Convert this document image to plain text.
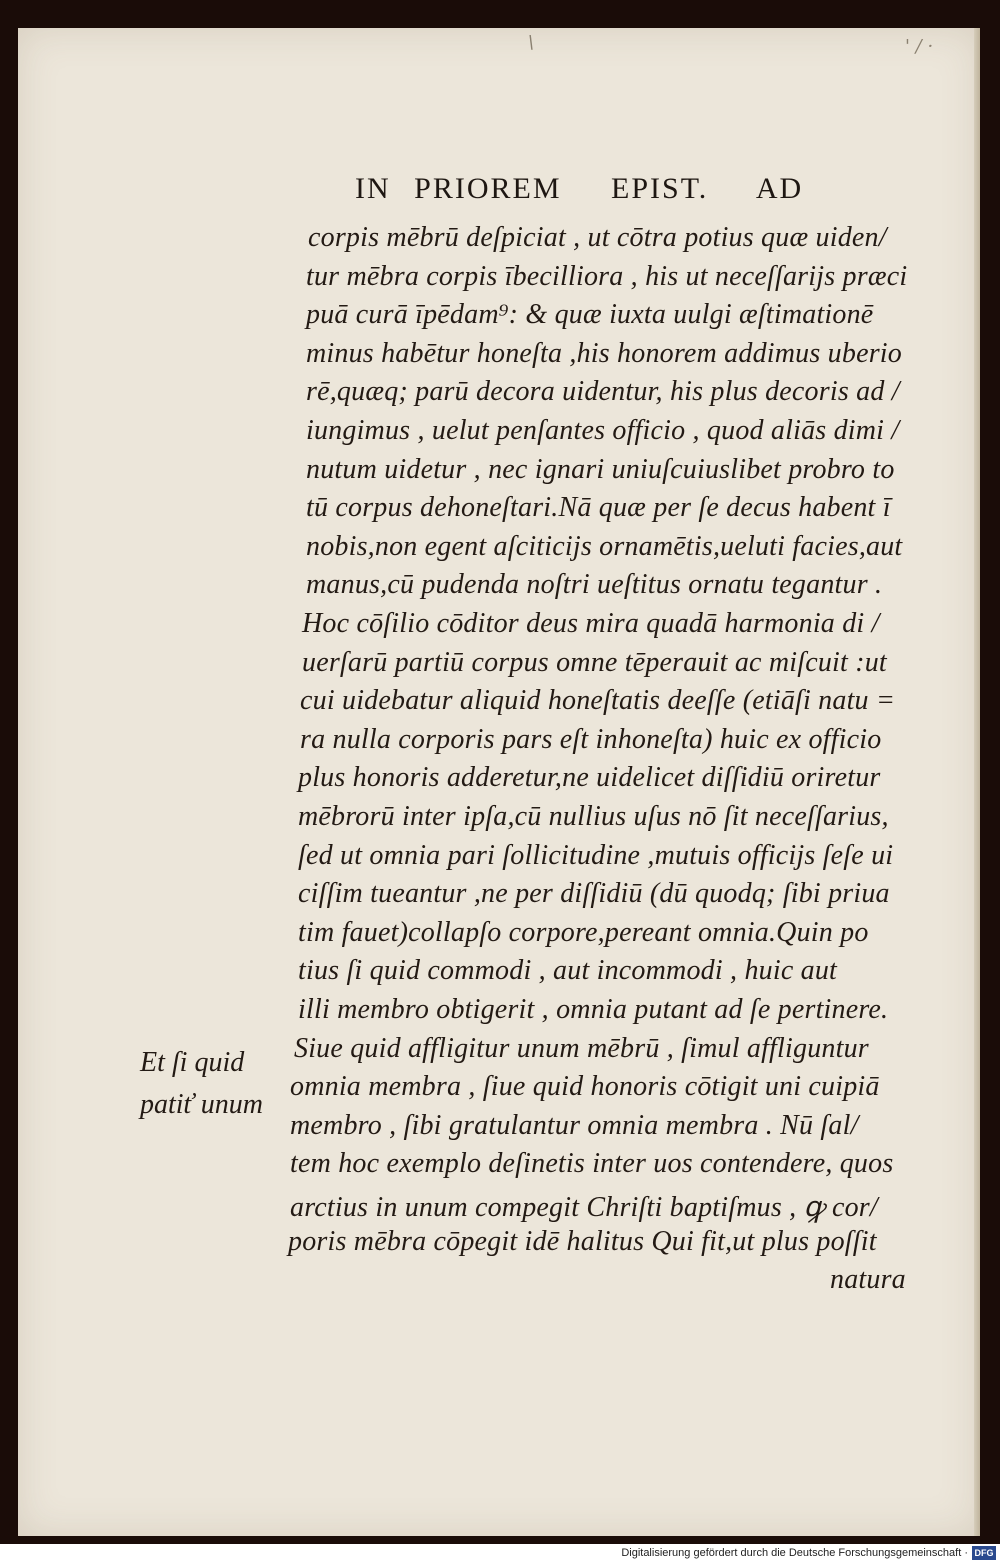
\	' / ·
IN PRIOREM EPIST. AD
corpis mēbrū deſpiciat , ut cōtra potius quæ uiden/
tur mēbra corpis ībecilliora , his ut neceſſarijs præci
puā curā īpēdam⁹: & quæ iuxta uulgi æſtimationē
minus habētur honeſta ,his honorem addimus uberio
rē,quæq; parū decora uidentur, his plus decoris ad /
iungimus , uelut penſantes officio , quod aliās dimi /
nutum uidetur , nec ignari uniuſcuiuslibet probro to
tū corpus dehoneſtari.Nā quæ per ſe decus habent ī
nobis,non egent aſciticijs ornamētis,ueluti facies,aut
manus,cū pudenda noſtri ueſtitus ornatu tegantur .
Hoc cōſilio cōditor deus mira quadā harmonia di /
uerſarū partiū corpus omne tēperauit ac miſcuit :ut
cui uidebatur aliquid honeſtatis deeſſe (etiāſi natu =
ra nulla corporis pars eſt inhoneſta) huic ex officio
plus honoris adderetur,ne uidelicet diſſidiū oriretur
mēbrorū inter ipſa,cū nullius uſus nō ſit neceſſarius,
ſed ut omnia pari ſollicitudine ,mutuis officijs ſeſe ui
ciſſim tueantur ,ne per diſſidiū (dū quodq; ſibi priua
tim fauet)collapſo corpore,pereant omnia.Quin po
tius ſi quid commodi , aut incommodi , huic aut
illi membro obtigerit , omnia putant ad ſe pertinere.
Siue quid affligitur unum mēbrū , ſimul affliguntur
omnia membra , ſiue quid honoris cōtigit uni cuipiā
membro , ſibi gratulantur omnia membra . Nū ſal/
tem hoc exemplo deſinetis inter uos contendere, quos
arctius in unum compegit Chriſti baptiſmus , ꝙ cor/
poris mēbra cōpegit idē halitus Qui fit,ut plus poſſit
natura
Et ſi quid
patiť unum
Digitalisierung gefördert durch die Deutsche Forschungsgemeinschaft · DFG
